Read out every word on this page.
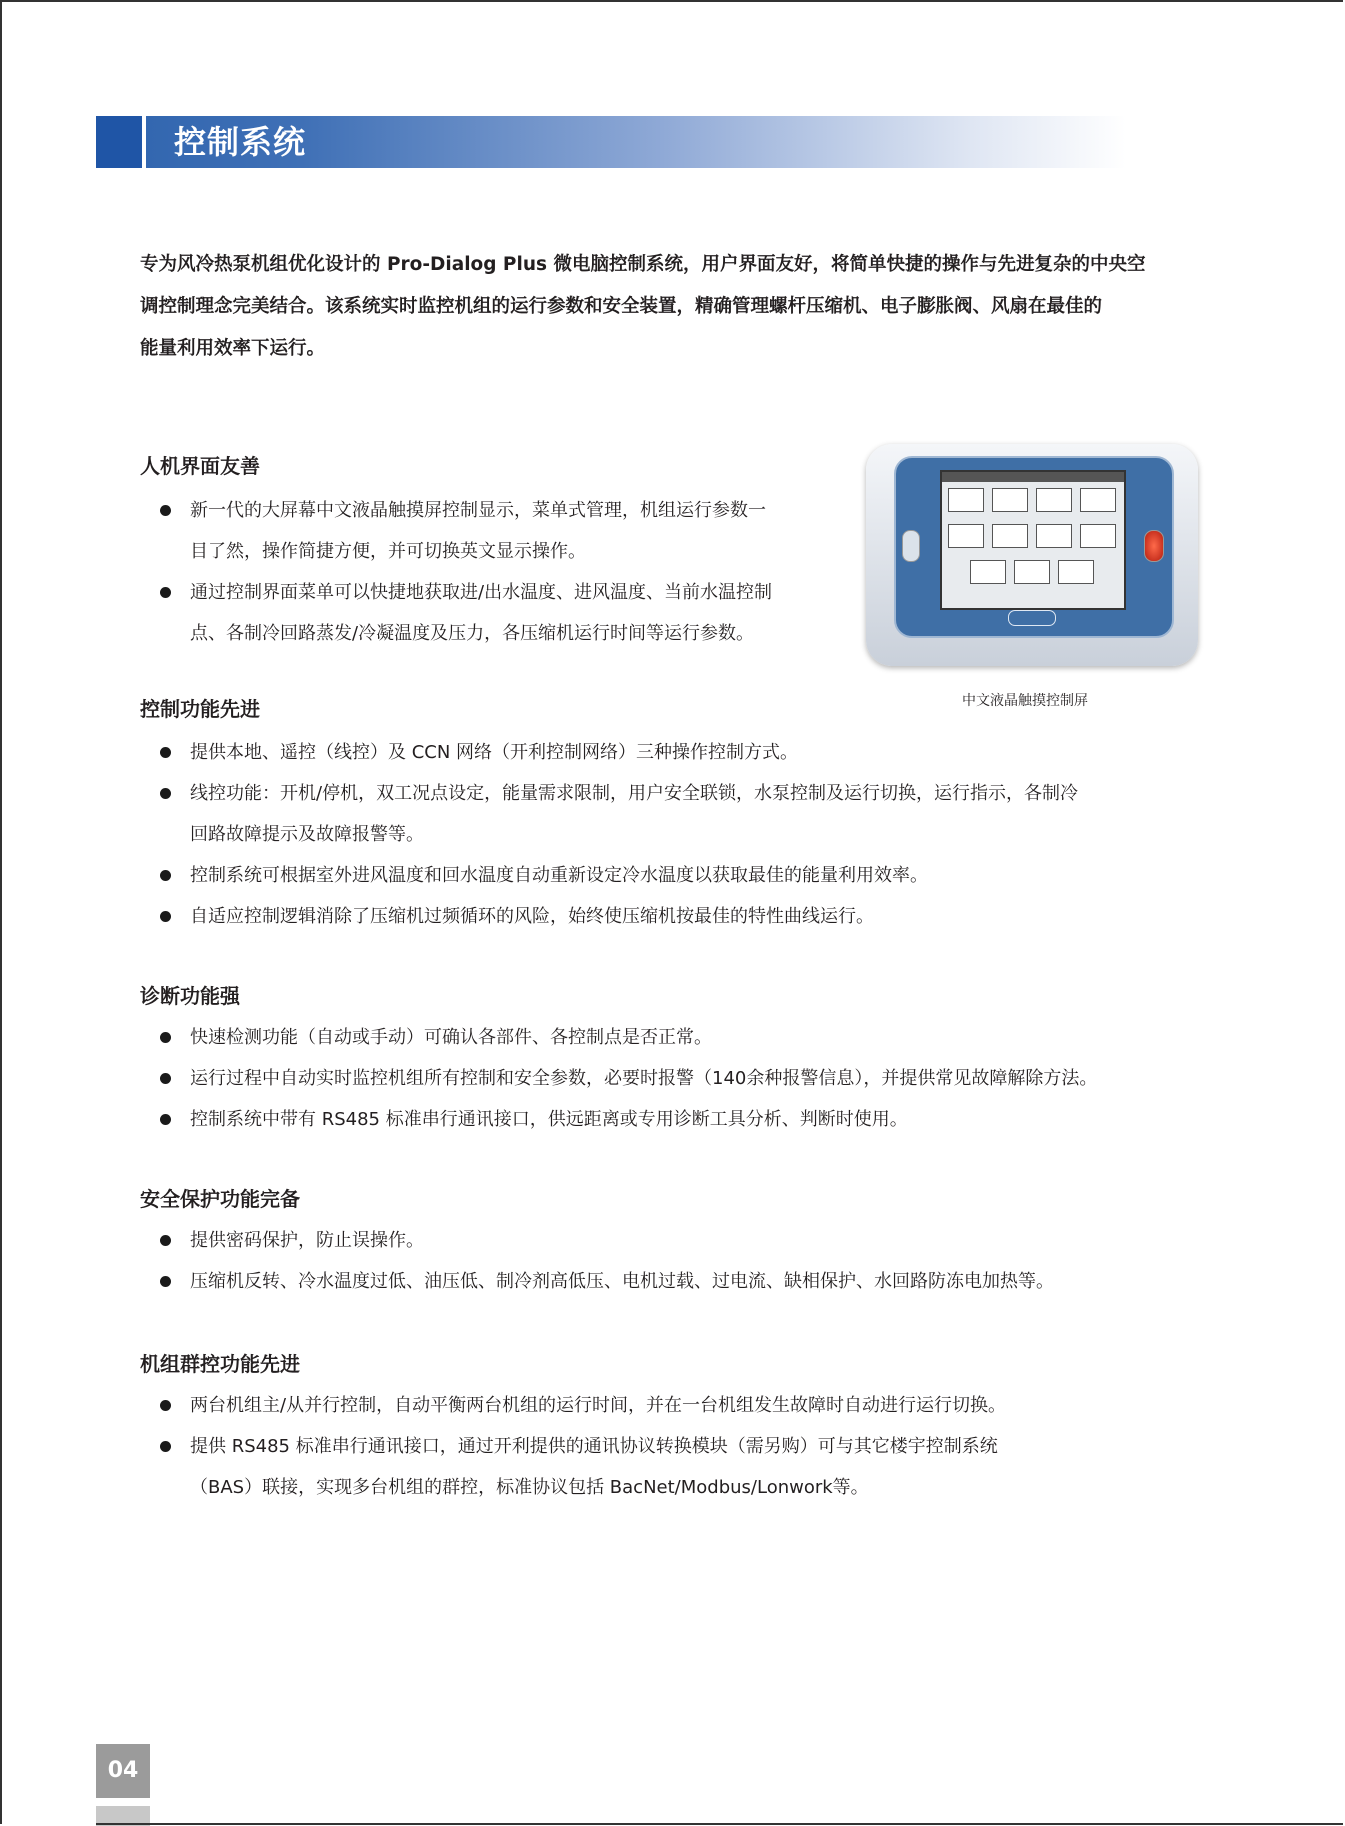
控制系统
专为风冷热泵机组优化设计的 Pro-Dialog Plus 微电脑控制系统，用户界面友好，将简单快捷的操作与先进复杂的中央空
调控制理念完美结合。该系统实时监控机组的运行参数和安全装置，精确管理螺杆压缩机、电子膨胀阀、风扇在最佳的
能量利用效率下运行。
人机界面友善
新一代的大屏幕中文液晶触摸屏控制显示，菜单式管理，机组运行参数一
目了然，操作简捷方便，并可切换英文显示操作。
通过控制界面菜单可以快捷地获取进/出水温度、进风温度、当前水温控制
点、各制冷回路蒸发/冷凝温度及压力，各压缩机运行时间等运行参数。
中文液晶触摸控制屏
控制功能先进
提供本地、遥控（线控）及 CCN 网络（开利控制网络）三种操作控制方式。
线控功能：开机/停机，双工况点设定，能量需求限制，用户安全联锁，水泵控制及运行切换，运行指示，各制冷
回路故障提示及故障报警等。
控制系统可根据室外进风温度和回水温度自动重新设定冷水温度以获取最佳的能量利用效率。
自适应控制逻辑消除了压缩机过频循环的风险，始终使压缩机按最佳的特性曲线运行。
诊断功能强
快速检测功能（自动或手动）可确认各部件、各控制点是否正常。
运行过程中自动实时监控机组所有控制和安全参数，必要时报警（140余种报警信息），并提供常见故障解除方法。
控制系统中带有 RS485 标准串行通讯接口，供远距离或专用诊断工具分析、判断时使用。
安全保护功能完备
提供密码保护，防止误操作。
压缩机反转、冷水温度过低、油压低、制冷剂高低压、电机过载、过电流、缺相保护、水回路防冻电加热等。
机组群控功能先进
两台机组主/从并行控制，自动平衡两台机组的运行时间，并在一台机组发生故障时自动进行运行切换。
提供 RS485 标准串行通讯接口，通过开利提供的通讯协议转换模块（需另购）可与其它楼宇控制系统
（BAS）联接，实现多台机组的群控，标准协议包括 BacNet/Modbus/Lonwork等。
04
